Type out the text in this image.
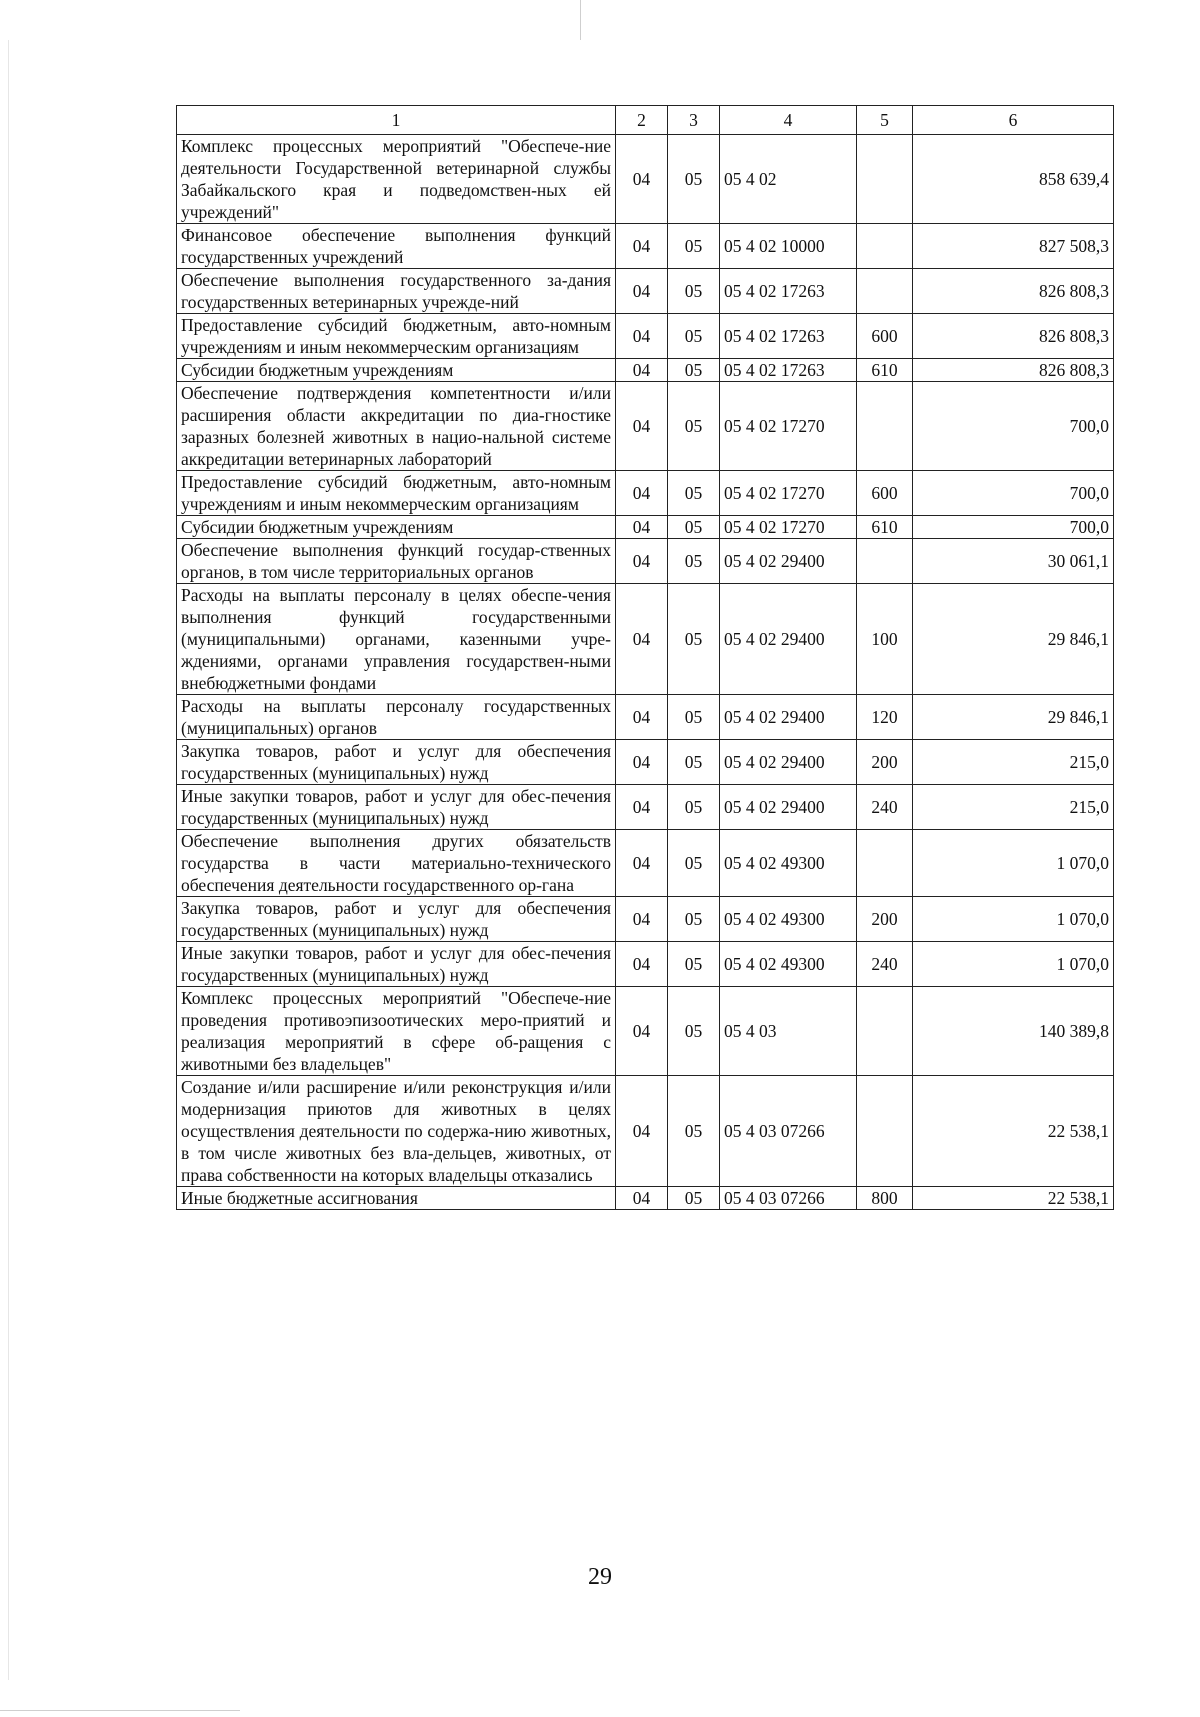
1	2	3	4	5	6
Комплекс процессных мероприятий "Обеспече-ние деятельности Государственной ветеринарной службы Забайкальского края и подведомствен-ных ей учреждений"	04	05	05 4 02		858 639,4
Финансовое обеспечение выполнения функций государственных учреждений	04	05	05 4 02 10000		827 508,3
Обеспечение выполнения государственного за-дания государственных ветеринарных учрежде-ний	04	05	05 4 02 17263		826 808,3
Предоставление субсидий бюджетным, авто-номным учреждениям и иным некоммерческим организациям	04	05	05 4 02 17263	600	826 808,3
Субсидии бюджетным учреждениям	04	05	05 4 02 17263	610	826 808,3
Обеспечение подтверждения компетентности и/или расширения области аккредитации по диа-гностике заразных болезней животных в нацио-нальной системе аккредитации ветеринарных лабораторий	04	05	05 4 02 17270		700,0
Предоставление субсидий бюджетным, авто-номным учреждениям и иным некоммерческим организациям	04	05	05 4 02 17270	600	700,0
Субсидии бюджетным учреждениям	04	05	05 4 02 17270	610	700,0
Обеспечение выполнения функций государ-ственных органов, в том числе территориальных органов	04	05	05 4 02 29400		30 061,1
Расходы на выплаты персоналу в целях обеспе-чения выполнения функций государственными (муниципальными) органами, казенными учре-ждениями, органами управления государствен-ными внебюджетными фондами	04	05	05 4 02 29400	100	29 846,1
Расходы на выплаты персоналу государственных (муниципальных) органов	04	05	05 4 02 29400	120	29 846,1
Закупка товаров, работ и услуг для обеспечения государственных (муниципальных) нужд	04	05	05 4 02 29400	200	215,0
Иные закупки товаров, работ и услуг для обес-печения государственных (муниципальных) нужд	04	05	05 4 02 29400	240	215,0
Обеспечение выполнения других обязательств государства в части материально-технического обеспечения деятельности государственного ор-гана	04	05	05 4 02 49300		1 070,0
Закупка товаров, работ и услуг для обеспечения государственных (муниципальных) нужд	04	05	05 4 02 49300	200	1 070,0
Иные закупки товаров, работ и услуг для обес-печения государственных (муниципальных) нужд	04	05	05 4 02 49300	240	1 070,0
Комплекс процессных мероприятий "Обеспече-ние проведения противоэпизоотических меро-приятий и реализация мероприятий в сфере об-ращения с животными без владельцев"	04	05	05 4 03		140 389,8
Создание и/или расширение и/или реконструкция и/или модернизация приютов для животных в целях осуществления деятельности по содержа-нию животных, в том числе животных без вла-дельцев, животных, от права собственности на которых владельцы отказались	04	05	05 4 03 07266		22 538,1
Иные бюджетные ассигнования	04	05	05 4 03 07266	800	22 538,1
29
